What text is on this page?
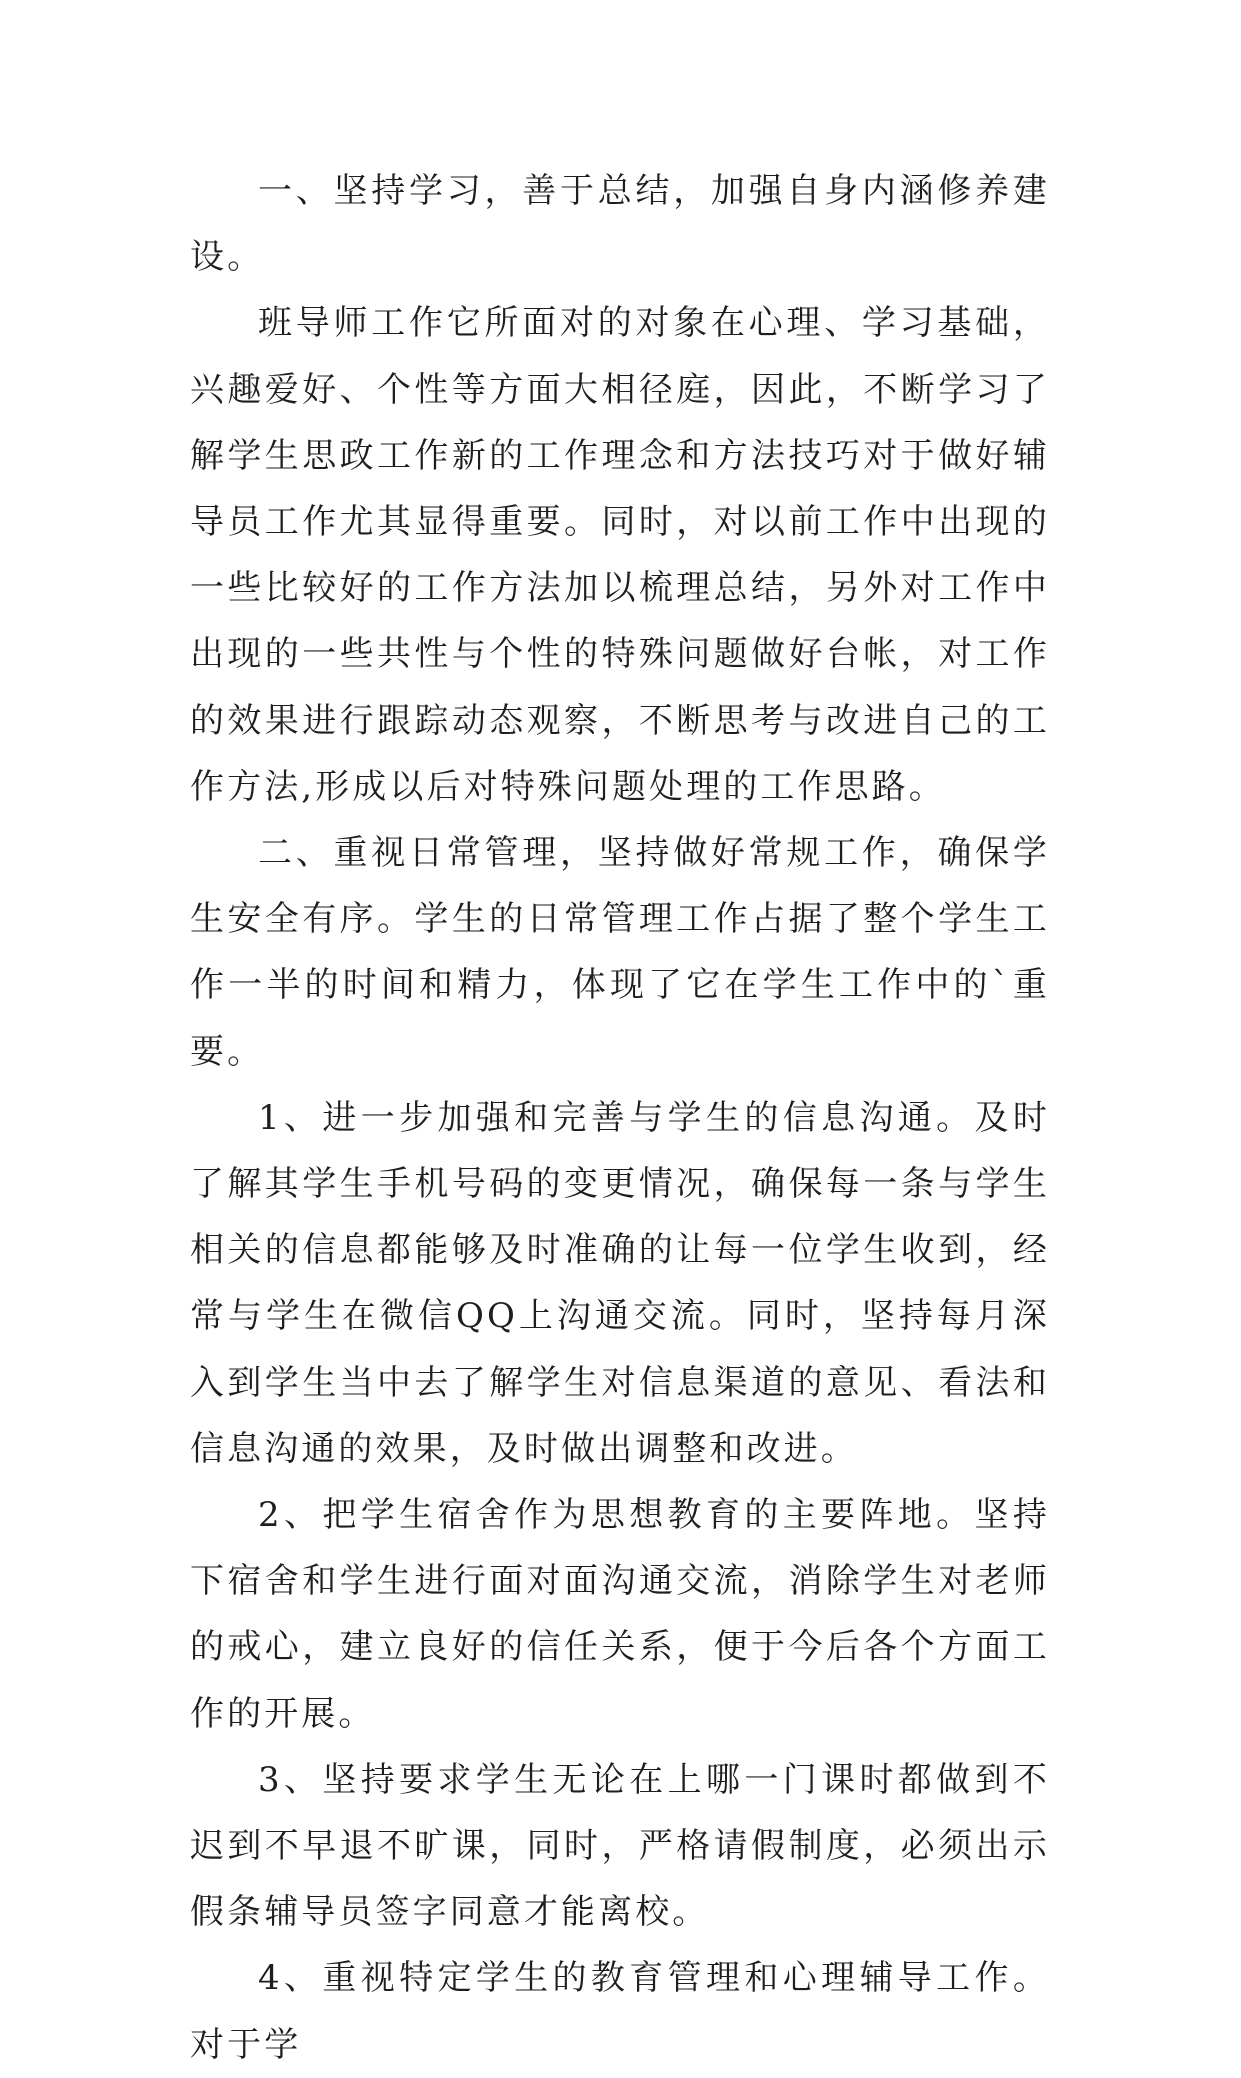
一、坚持学习，善于总结，加强自身内涵修养建设。

班导师工作它所面对的对象在心理、学习基础，兴趣爱好、个性等方面大相径庭，因此，不断学习了解学生思政工作新的工作理念和方法技巧对于做好辅导员工作尤其显得重要。同时，对以前工作中出现的一些比较好的工作方法加以梳理总结，另外对工作中出现的一些共性与个性的特殊问题做好台帐，对工作的效果进行跟踪动态观察，不断思考与改进自己的工作方法,形成以后对特殊问题处理的工作思路。

二、重视日常管理，坚持做好常规工作，确保学生安全有序。学生的日常管理工作占据了整个学生工作一半的时间和精力，体现了它在学生工作中的`重要。

1、进一步加强和完善与学生的信息沟通。及时了解其学生手机号码的变更情况，确保每一条与学生相关的信息都能够及时准确的让每一位学生收到，经常与学生在微信QQ上沟通交流。同时，坚持每月深入到学生当中去了解学生对信息渠道的意见、看法和信息沟通的效果，及时做出调整和改进。

2、把学生宿舍作为思想教育的主要阵地。坚持下宿舍和学生进行面对面沟通交流，消除学生对老师的戒心，建立良好的信任关系，便于今后各个方面工作的开展。

3、坚持要求学生无论在上哪一门课时都做到不迟到不早退不旷课，同时，严格请假制度，必须出示假条辅导员签字同意才能离校。

4、重视特定学生的教育管理和心理辅导工作。对于学
